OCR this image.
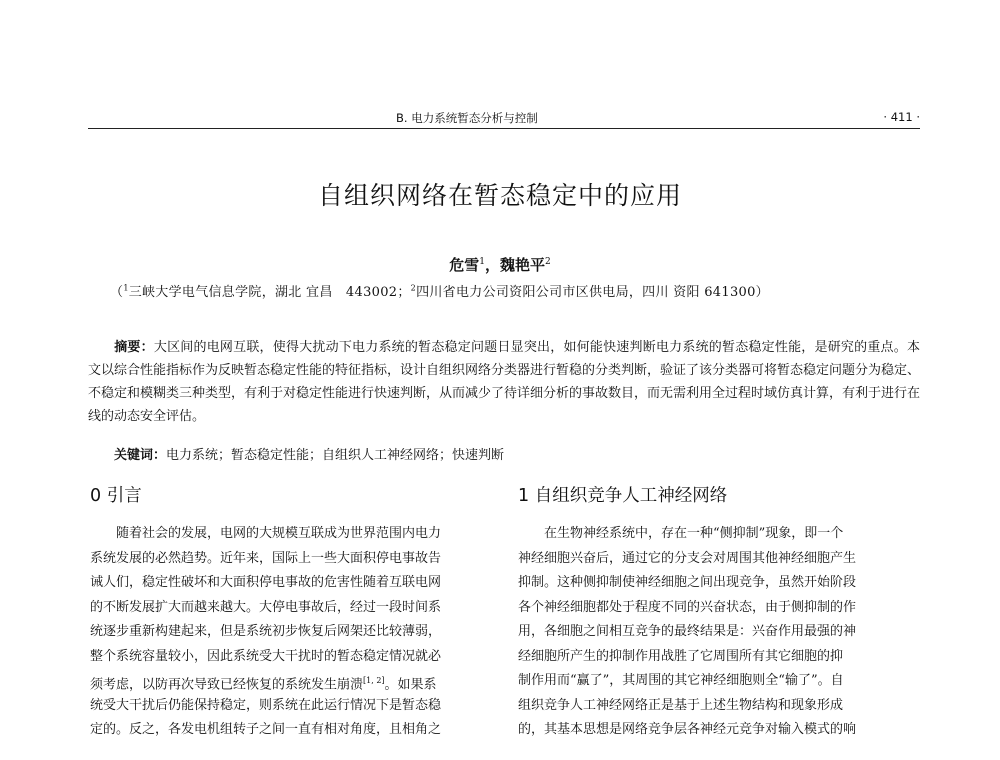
B. 电力系统暂态分析与控制	· 411 ·
自组织网络在暂态稳定中的应用
危雪$^1$，魏艳平$^2$
（$^1$三峡大学电气信息学院，湖北 宜昌　443002；$^2$四川省电力公司资阳公司市区供电局，四川 资阳 641300）
摘要：大区间的电网互联，使得大扰动下电力系统的暂态稳定问题日显突出，如何能快速判断电力系统的暂态稳定性能，是研究的重点。本文以综合性能指标作为反映暂态稳定性能的特征指标，设计自组织网络分类器进行暂稳的分类判断，验证了该分类器可将暂态稳定问题分为稳定、不稳定和模糊类三种类型，有利于对稳定性能进行快速判断，从而减少了待详细分析的事故数目，而无需利用全过程时域仿真计算，有利于进行在线的动态安全评估。
关键词：电力系统；暂态稳定性能；自组织人工神经网络；快速判断
0 引言	1 自组织竞争人工神经网络
随着社会的发展，电网的大规模互联成为世界范围内电力
系统发展的必然趋势。近年来，国际上一些大面积停电事故告
诫人们，稳定性破坏和大面积停电事故的危害性随着互联电网
的不断发展扩大而越来越大。大停电事故后，经过一段时间系
统逐步重新构建起来，但是系统初步恢复后网架还比较薄弱，
整个系统容量较小，因此系统受大干扰时的暂态稳定情况就必
须考虑，以防再次导致已经恢复的系统发生崩溃[1, 2]。如果系
统受大干扰后仍能保持稳定，则系统在此运行情况下是暂态稳
定的。反之，各发电机组转子之间一直有相对角度，且相角之
在生物神经系统中，存在一种“侧抑制”现象，即一个
神经细胞兴奋后，通过它的分支会对周围其他神经细胞产生
抑制。这种侧抑制使神经细胞之间出现竞争，虽然开始阶段
各个神经细胞都处于程度不同的兴奋状态，由于侧抑制的作
用，各细胞之间相互竞争的最终结果是：兴奋作用最强的神
经细胞所产生的抑制作用战胜了它周围所有其它细胞的抑
制作用而“赢了”，其周围的其它神经细胞则全“输了”。自
组织竞争人工神经网络正是基于上述生物结构和现象形成
的，其基本思想是网络竞争层各神经元竞争对输入模式的响
